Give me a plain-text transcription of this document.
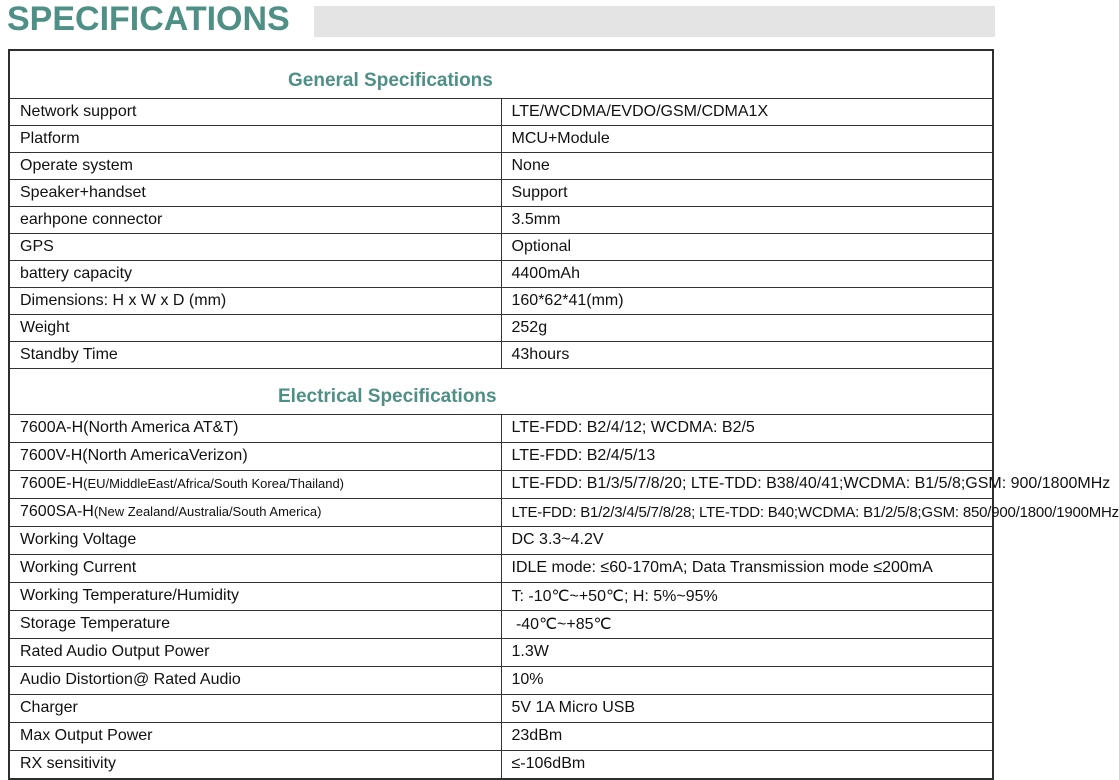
SPECIFICATIONS
General Specifications	
Network support	LTE/WCDMA/EVDO/GSM/CDMA1X
Platform	MCU+Module
Operate system	None
Speaker+handset	Support
earhpone connector	3.5mm
GPS	Optional
battery capacity	4400mAh
Dimensions: H x W x D (mm)	160*62*41(mm)
Weight	252g
Standby Time	43hours
Electrical Specifications	
7600A-H(North America AT&T)	LTE-FDD: B2/4/12; WCDMA: B2/5
7600V-H(North AmericaVerizon)	LTE-FDD: B2/4/5/13
7600E-H(EU/MiddleEast/Africa/South Korea/Thailand)	LTE-FDD: B1/3/5/7/8/20; LTE-TDD: B38/40/41;WCDMA: B1/5/8;GSM: 900/1800MHz
7600SA-H(New Zealand/Australia/South America)	LTE-FDD: B1/2/3/4/5/7/8/28; LTE-TDD: B40;WCDMA: B1/2/5/8;GSM: 850/900/1800/1900MHz
Working Voltage	DC 3.3~4.2V
Working Current	IDLE mode: ≤60-170mA; Data Transmission mode ≤200mA
Working Temperature/Humidity	T: -10℃~+50℃; H: 5%~95%
Storage Temperature	-40℃~+85℃
Rated Audio Output Power	1.3W
Audio Distortion@ Rated Audio	10%
Charger	5V 1A Micro USB
Max Output Power	23dBm
RX sensitivity	≤-106dBm
